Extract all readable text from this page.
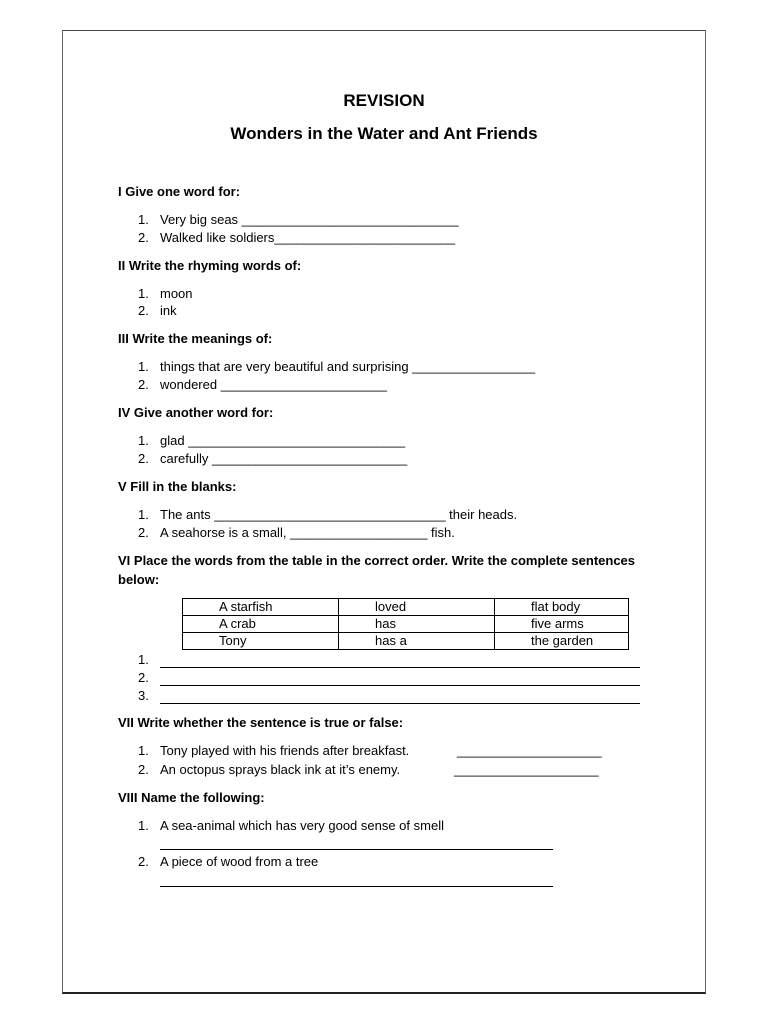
REVISION
Wonders in the Water and Ant Friends
I Give one word for:
1. Very big seas ______________________________
2. Walked like soldiers_________________________
II Write the rhyming words of:
1. moon
2. ink
III Write the meanings of:
1. things that are very beautiful and surprising _________________
2. wondered _______________________
IV Give another word for:
1. glad ______________________________
2. carefully ___________________________
V Fill in the blanks:
1. The ants ________________________________ their heads.
2. A seahorse is a small, ___________________ fish.
VI Place the words from the table in the correct order. Write the complete sentences below:
A starfish	loved	flat body
A crab	has	five arms
Tony	has a	the garden
1.
2.
3.
VII Write whether the sentence is true or false:
1. Tony played with his friends after breakfast.	____________________
2. An octopus sprays black ink at it’s enemy.	____________________
VIII Name the following:
1. A sea-animal which has very good sense of smell
2. A piece of wood from a tree
